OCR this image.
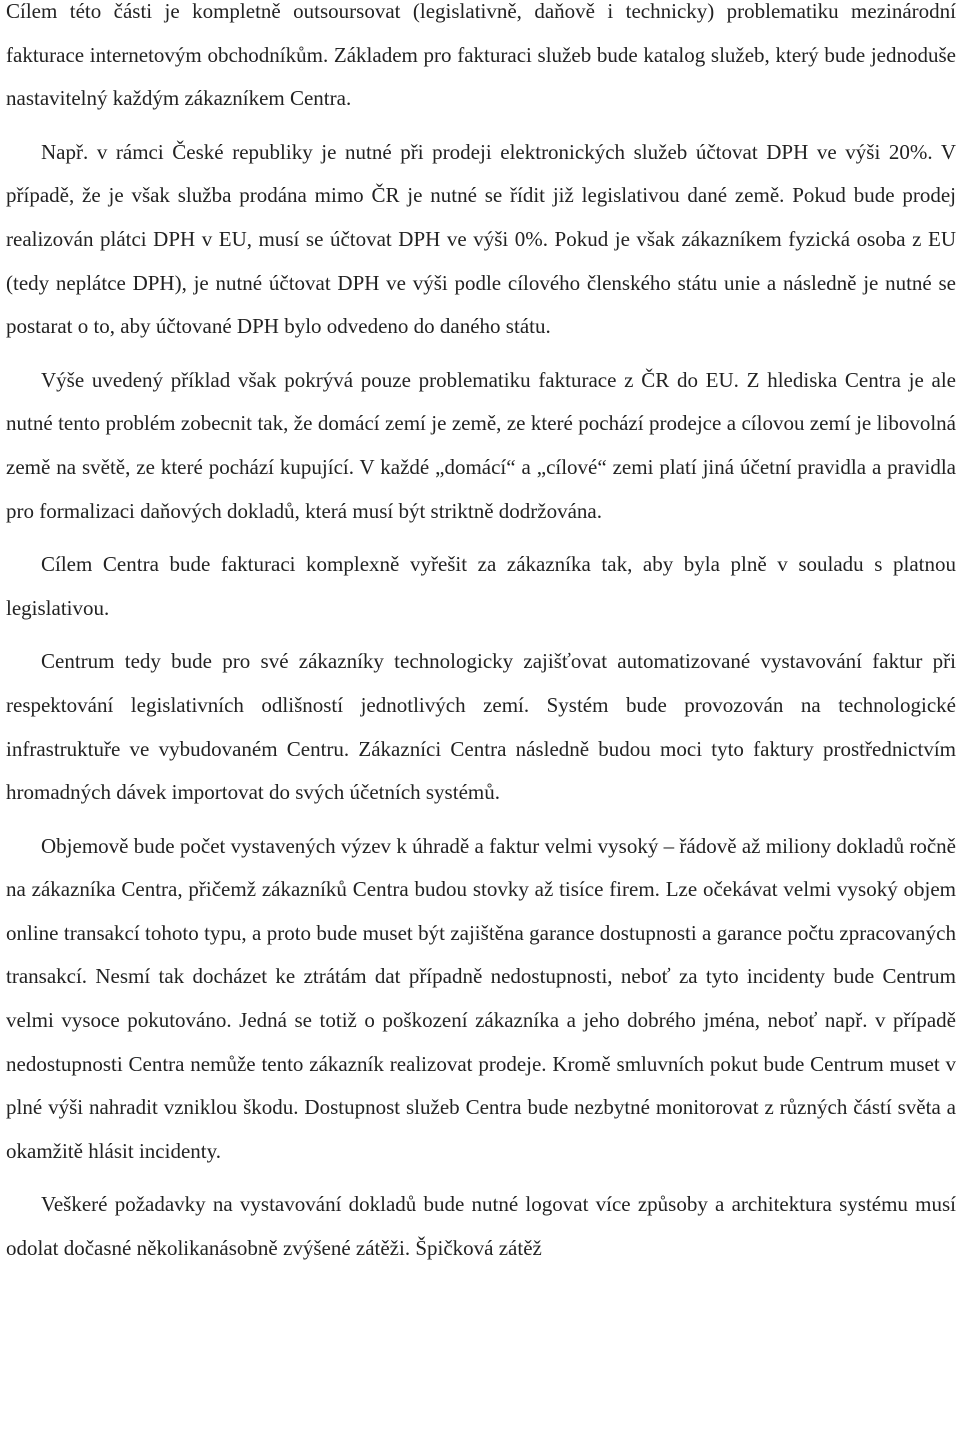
Cílem této části je kompletně outsoursovat (legislativně, daňově i technicky) problematiku mezinárodní fakturace internetovým obchodníkům. Základem pro fakturaci služeb bude katalog služeb, který bude jednoduše nastavitelný každým zákazníkem Centra.

Např. v rámci České republiky je nutné při prodeji elektronických služeb účtovat DPH ve výši 20%. V případě, že je však služba prodána mimo ČR je nutné se řídit již legislativou dané země. Pokud bude prodej realizován plátci DPH v EU, musí se účtovat DPH ve výši 0%. Pokud je však zákazníkem fyzická osoba z EU (tedy neplátce DPH), je nutné účtovat DPH ve výši podle cílového členského státu unie a následně je nutné se postarat o to, aby účtované DPH bylo odvedeno do daného státu.

Výše uvedený příklad však pokrývá pouze problematiku fakturace z ČR do EU. Z hlediska Centra je ale nutné tento problém zobecnit tak, že domácí zemí je země, ze které pochází prodejce a cílovou zemí je libovolná země na světě, ze které pochází kupující. V každé „domácí“ a „cílové“ zemi platí jiná účetní pravidla a pravidla pro formalizaci daňových dokladů, která musí být striktně dodržována.

Cílem Centra bude fakturaci komplexně vyřešit za zákazníka tak, aby byla plně v souladu s platnou legislativou.

Centrum tedy bude pro své zákazníky technologicky zajišťovat automatizované vystavování faktur při respektování legislativních odlišností jednotlivých zemí. Systém bude provozován na technologické infrastruktuře ve vybudovaném Centru. Zákazníci Centra následně budou moci tyto faktury prostřednictvím hromadných dávek importovat do svých účetních systémů.

Objemově bude počet vystavených výzev k úhradě a faktur velmi vysoký – řádově až miliony dokladů ročně na zákazníka Centra, přičemž zákazníků Centra budou stovky až tisíce firem. Lze očekávat velmi vysoký objem online transakcí tohoto typu, a proto bude muset být zajištěna garance dostupnosti a garance počtu zpracovaných transakcí. Nesmí tak docházet ke ztrátám dat případně nedostupnosti, neboť za tyto incidenty bude Centrum velmi vysoce pokutováno. Jedná se totiž o poškození zákazníka a jeho dobrého jména, neboť např. v případě nedostupnosti Centra nemůže tento zákazník realizovat prodeje. Kromě smluvních pokut bude Centrum muset v plné výši nahradit vzniklou škodu. Dostupnost služeb Centra bude nezbytné monitorovat z různých částí světa a okamžitě hlásit incidenty.

Veškeré požadavky na vystavování dokladů bude nutné logovat více způsoby a architektura systému musí odolat dočasné několikanásobně zvýšené zátěži. Špičková zátěž
